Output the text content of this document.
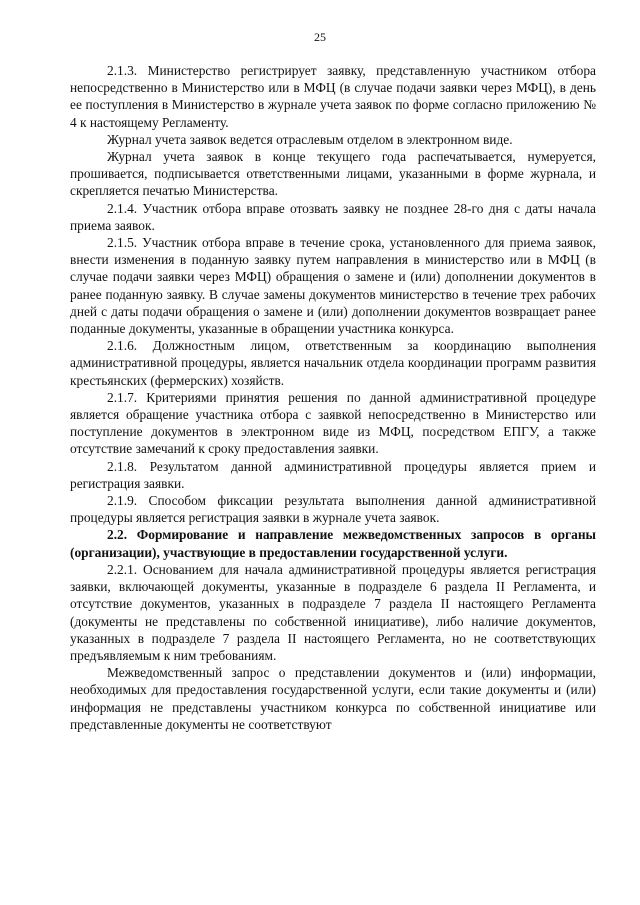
25

2.1.3. Министерство регистрирует заявку, представленную участником отбора непосредственно в Министерство или в МФЦ (в случае подачи заявки через МФЦ), в день ее поступления в Министерство в журнале учета заявок по форме согласно приложению № 4 к настоящему Регламенту.

Журнал учета заявок ведется отраслевым отделом в электронном виде.

Журнал учета заявок в конце текущего года распечатывается, нумеруется, прошивается, подписывается ответственными лицами, указанными в форме журнала, и скрепляется печатью Министерства.

2.1.4. Участник отбора вправе отозвать заявку не позднее 28-го дня с даты начала приема заявок.

2.1.5. Участник отбора вправе в течение срока, установленного для приема заявок, внести изменения в поданную заявку путем направления в министерство или в МФЦ (в случае подачи заявки через МФЦ) обращения о замене и (или) дополнении документов в ранее поданную заявку. В случае замены документов министерство в течение трех рабочих дней с даты подачи обращения о замене и (или) дополнении документов возвращает ранее поданные документы, указанные в обращении участника конкурса.

2.1.6. Должностным лицом, ответственным за координацию выполнения административной процедуры, является начальник отдела координации программ развития крестьянских (фермерских) хозяйств.

2.1.7. Критериями принятия решения по данной административной процедуре является обращение участника отбора с заявкой непосредственно в Министерство или поступление документов в электронном виде из МФЦ, посредством ЕПГУ, а также отсутствие замечаний к сроку предоставления заявки.

2.1.8. Результатом данной административной процедуры является прием и регистрация заявки.

2.1.9. Способом фиксации результата выполнения данной административной процедуры является регистрация заявки в журнале учета заявок.

2.2. Формирование и направление межведомственных запросов в органы (организации), участвующие в предоставлении государственной услуги.

2.2.1. Основанием для начала административной процедуры является регистрация заявки, включающей документы, указанные в подразделе 6 раздела II Регламента, и отсутствие документов, указанных в подразделе 7 раздела II настоящего Регламента (документы не представлены по собственной инициативе), либо наличие документов, указанных в подразделе 7 раздела II настоящего Регламента, но не соответствующих предъявляемым к ним требованиям.

Межведомственный запрос о представлении документов и (или) информации, необходимых для предоставления государственной услуги, если такие документы и (или) информация не представлены участником конкурса по собственной инициативе или представленные документы не соответствуют
